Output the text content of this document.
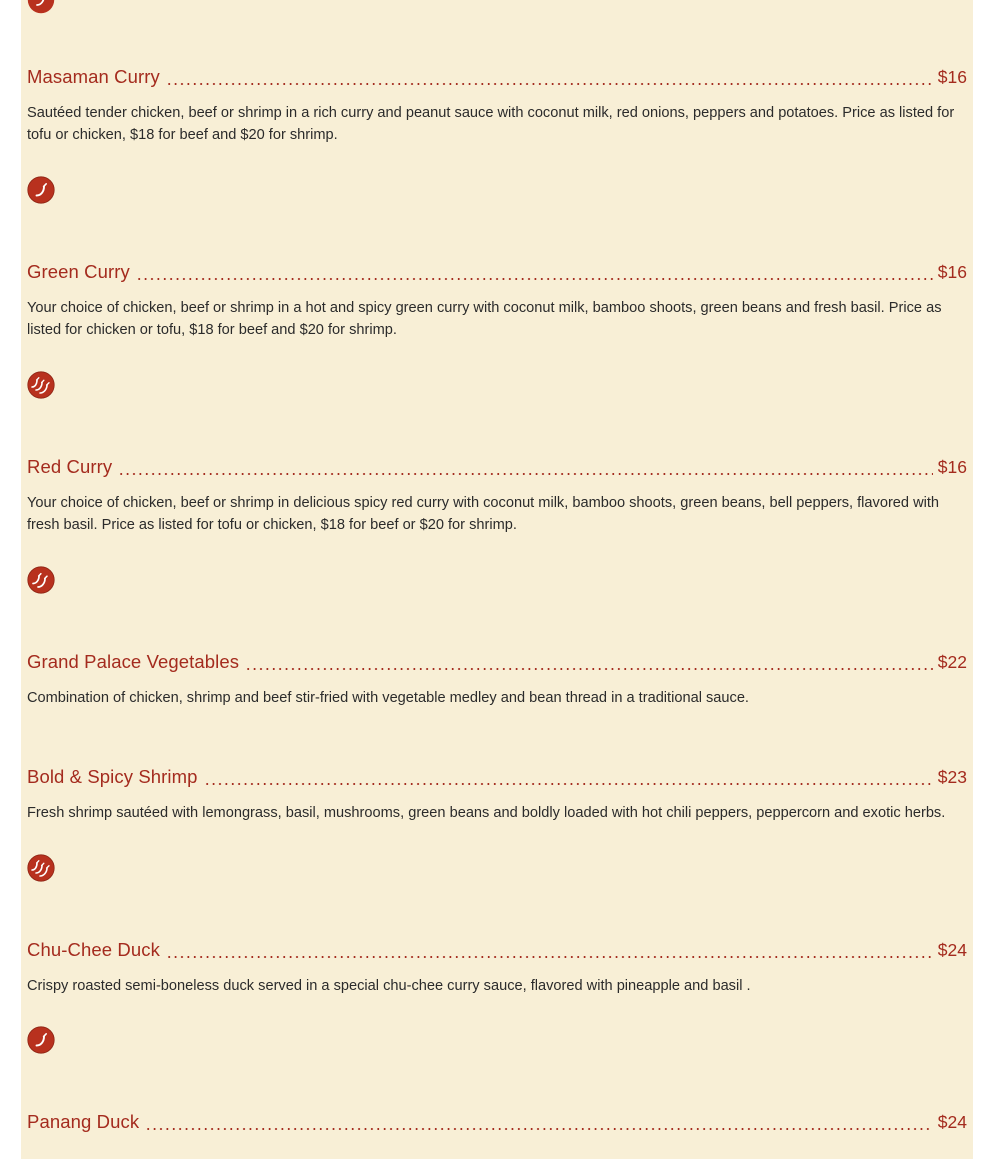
Masaman Curry	$16
Sautéed tender chicken, beef or shrimp in a rich curry and peanut sauce with coconut milk, red onions, peppers and potatoes. Price as listed for tofu or chicken, $18 for beef and $20 for shrimp.
Green Curry	$16
Your choice of chicken, beef or shrimp in a hot and spicy green curry with coconut milk, bamboo shoots, green beans and fresh basil. Price as listed for chicken or tofu, $18 for beef and $20 for shrimp.
Red Curry	$16
Your choice of chicken, beef or shrimp in delicious spicy red curry with coconut milk, bamboo shoots, green beans, bell peppers, flavored with fresh basil. Price as listed for tofu or chicken, $18 for beef or $20 for shrimp.
Grand Palace Vegetables	$22
Combination of chicken, shrimp and beef stir-fried with vegetable medley and bean thread in a traditional sauce.
Bold & Spicy Shrimp	$23
Fresh shrimp sautéed with lemongrass, basil, mushrooms, green beans and boldly loaded with hot chili peppers, peppercorn and exotic herbs.
Chu-Chee Duck	$24
Crispy roasted semi-boneless duck served in a special chu-chee curry sauce, flavored with pineapple and basil .
Panang Duck	$24
